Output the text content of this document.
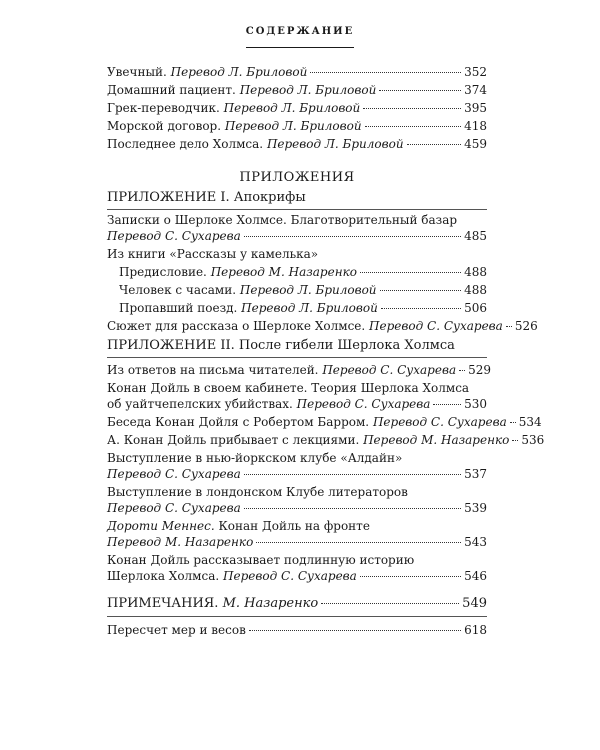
СОДЕРЖАНИЕ
Увечный. Перевод Л. Бриловой	352
Домашний пациент. Перевод Л. Бриловой	374
Грек-переводчик. Перевод Л. Бриловой	395
Морской договор. Перевод Л. Бриловой	418
Последнее дело Холмса. Перевод Л. Бриловой	459
ПРИЛОЖЕНИЯ
ПРИЛОЖЕНИЕ I. Апокрифы
Записки о Шерлоке Холмсе. Благотворительный базар
Перевод С. Сухарева	485
Из книги «Рассказы у камелька»
Предисловие. Перевод М. Назаренко	488
Человек с часами. Перевод Л. Бриловой	488
Пропавший поезд. Перевод Л. Бриловой	506
Сюжет для рассказа о Шерлоке Холмсе. Перевод С. Сухарева 526
ПРИЛОЖЕНИЕ II. После гибели Шерлока Холмса
Из ответов на письма читателей. Перевод С. Сухарева 529
Конан Дойль в своем кабинете. Теория Шерлока Холмса
об уайтчепелских убийствах. Перевод С. Сухарева	530
Беседа Конан Дойля с Робертом Барром. Перевод С. Сухарева 534
А. Конан Дойль прибывает с лекциями. Перевод М. Назаренко 536
Выступление в нью-йоркском клубе «Алдайн»
Перевод С. Сухарева	537
Выступление в лондонском Клубе литераторов
Перевод С. Сухарева	539
Дороти Меннес. Конан Дойль на фронте
Перевод М. Назаренко	543
Конан Дойль рассказывает подлинную историю
Шерлока Холмса. Перевод С. Сухарева	546
ПРИМЕЧАНИЯ. М. Назаренко	549
Пересчет мер и весов	618
